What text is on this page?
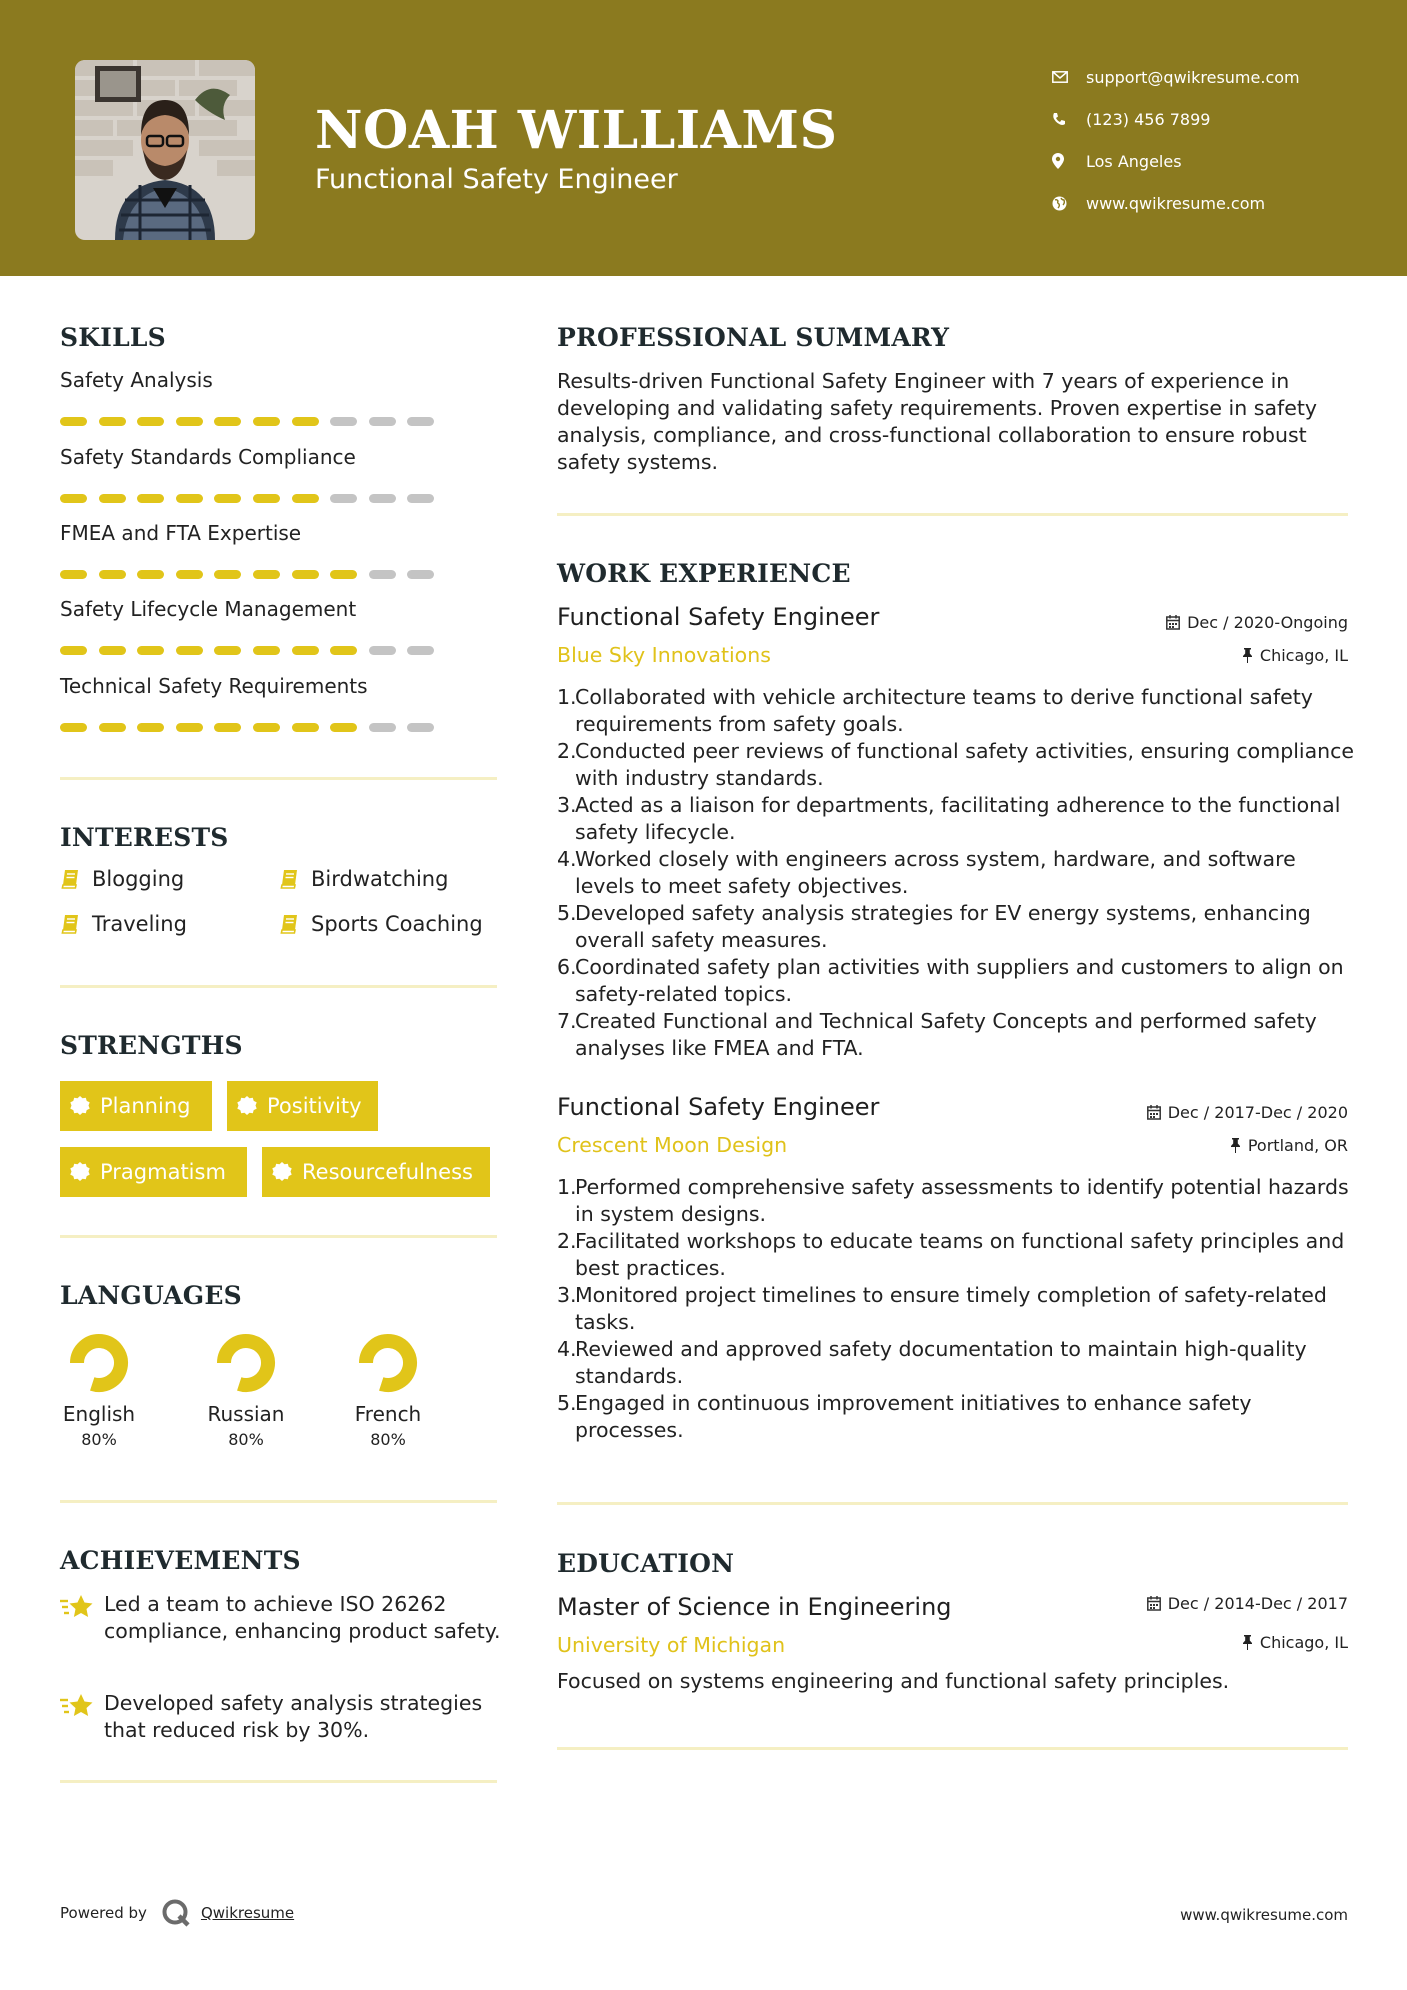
NOAH WILLIAMS
Functional Safety Engineer
support@qwikresume.com
(123) 456 7899
Los Angeles
www.qwikresume.com
SKILLS
Safety Analysis
Safety Standards Compliance
FMEA and FTA Expertise
Safety Lifecycle Management
Technical Safety Requirements
INTERESTS
Blogging	Birdwatching
Traveling	Sports Coaching
STRENGTHS
Planning	Positivity
Pragmatism	Resourcefulness
LANGUAGES
English
80%
Russian
80%
French
80%
ACHIEVEMENTS
Led a team to achieve ISO 26262 compliance, enhancing product safety.
Developed safety analysis strategies that reduced risk by 30%.
PROFESSIONAL SUMMARY
Results-driven Functional Safety Engineer with 7 years of experience in developing and validating safety requirements. Proven expertise in safety analysis, compliance, and cross-functional collaboration to ensure robust safety systems.
WORK EXPERIENCE
Functional Safety Engineer	Dec / 2020-Ongoing
Blue Sky Innovations	Chicago, IL
1.
Collaborated with vehicle architecture teams to derive functional safety requirements from safety goals.
2.
Conducted peer reviews of functional safety activities, ensuring compliance with industry standards.
3.
Acted as a liaison for departments, facilitating adherence to the functional safety lifecycle.
4.
Worked closely with engineers across system, hardware, and software levels to meet safety objectives.
5.
Developed safety analysis strategies for EV energy systems, enhancing overall safety measures.
6.
Coordinated safety plan activities with suppliers and customers to align on safety-related topics.
7.
Created Functional and Technical Safety Concepts and performed safety analyses like FMEA and FTA.
Functional Safety Engineer	Dec / 2017-Dec / 2020
Crescent Moon Design	Portland, OR
1.
Performed comprehensive safety assessments to identify potential hazards in system designs.
2.
Facilitated workshops to educate teams on functional safety principles and best practices.
3.
Monitored project timelines to ensure timely completion of safety-related tasks.
4.
Reviewed and approved safety documentation to maintain high-quality standards.
5.
Engaged in continuous improvement initiatives to enhance safety processes.
EDUCATION
Master of Science in Engineering	Dec / 2014-Dec / 2017
University of Michigan	Chicago, IL
Focused on systems engineering and functional safety principles.
Powered by	Qwikresume	www.qwikresume.com
